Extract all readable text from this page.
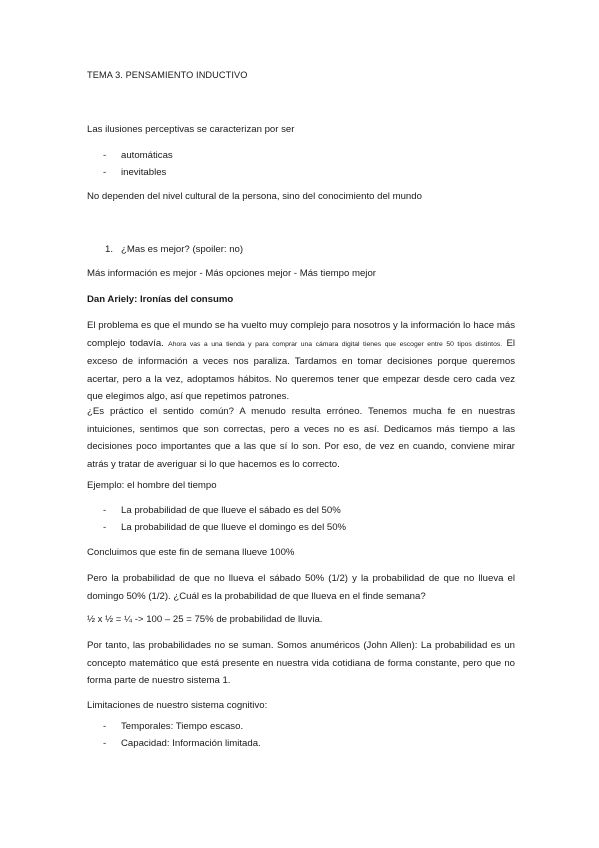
TEMA 3. PENSAMIENTO INDUCTIVO
Las ilusiones perceptivas se caracterizan por ser
- automáticas
- inevitables
No dependen del nivel cultural de la persona, sino del conocimiento del mundo
1. ¿Mas es mejor? (spoiler: no)
Más información es mejor - Más opciones mejor - Más tiempo mejor
Dan Ariely: Ironías del consumo
El problema es que el mundo se ha vuelto muy complejo para nosotros y la información lo hace más complejo todavía. Ahora vas a una tienda y para comprar una cámara digital tienes que escoger entre 50 tipos distintos. El exceso de información a veces nos paraliza. Tardamos en tomar decisiones porque queremos acertar, pero a la vez, adoptamos hábitos. No queremos tener que empezar desde cero cada vez que elegimos algo, así que repetimos patrones.
¿Es práctico el sentido común? A menudo resulta erróneo. Tenemos mucha fe en nuestras intuiciones, sentimos que son correctas, pero a veces no es así. Dedicamos más tiempo a las decisiones poco importantes que a las que sí lo son. Por eso, de vez en cuando, conviene mirar atrás y tratar de averiguar si lo que hacemos es lo correcto.
Ejemplo: el hombre del tiempo
- La probabilidad de que llueve el sábado es del 50%
- La probabilidad de que llueve el domingo es del 50%
Concluimos que este fin de semana llueve 100%
Pero la probabilidad de que no llueva el sábado 50% (1/2) y la probabilidad de que no llueva el domingo 50% (1/2). ¿Cuál es la probabilidad de que llueva en el finde semana?
½ x ½ = ¼ -> 100 – 25 = 75% de probabilidad de lluvia.
Por tanto, las probabilidades no se suman. Somos anuméricos (John Allen): La probabilidad es un concepto matemático que está presente en nuestra vida cotidiana de forma constante, pero que no forma parte de nuestro sistema 1.
Limitaciones de nuestro sistema cognitivo:
- Temporales: Tiempo escaso.
- Capacidad: Información limitada.
